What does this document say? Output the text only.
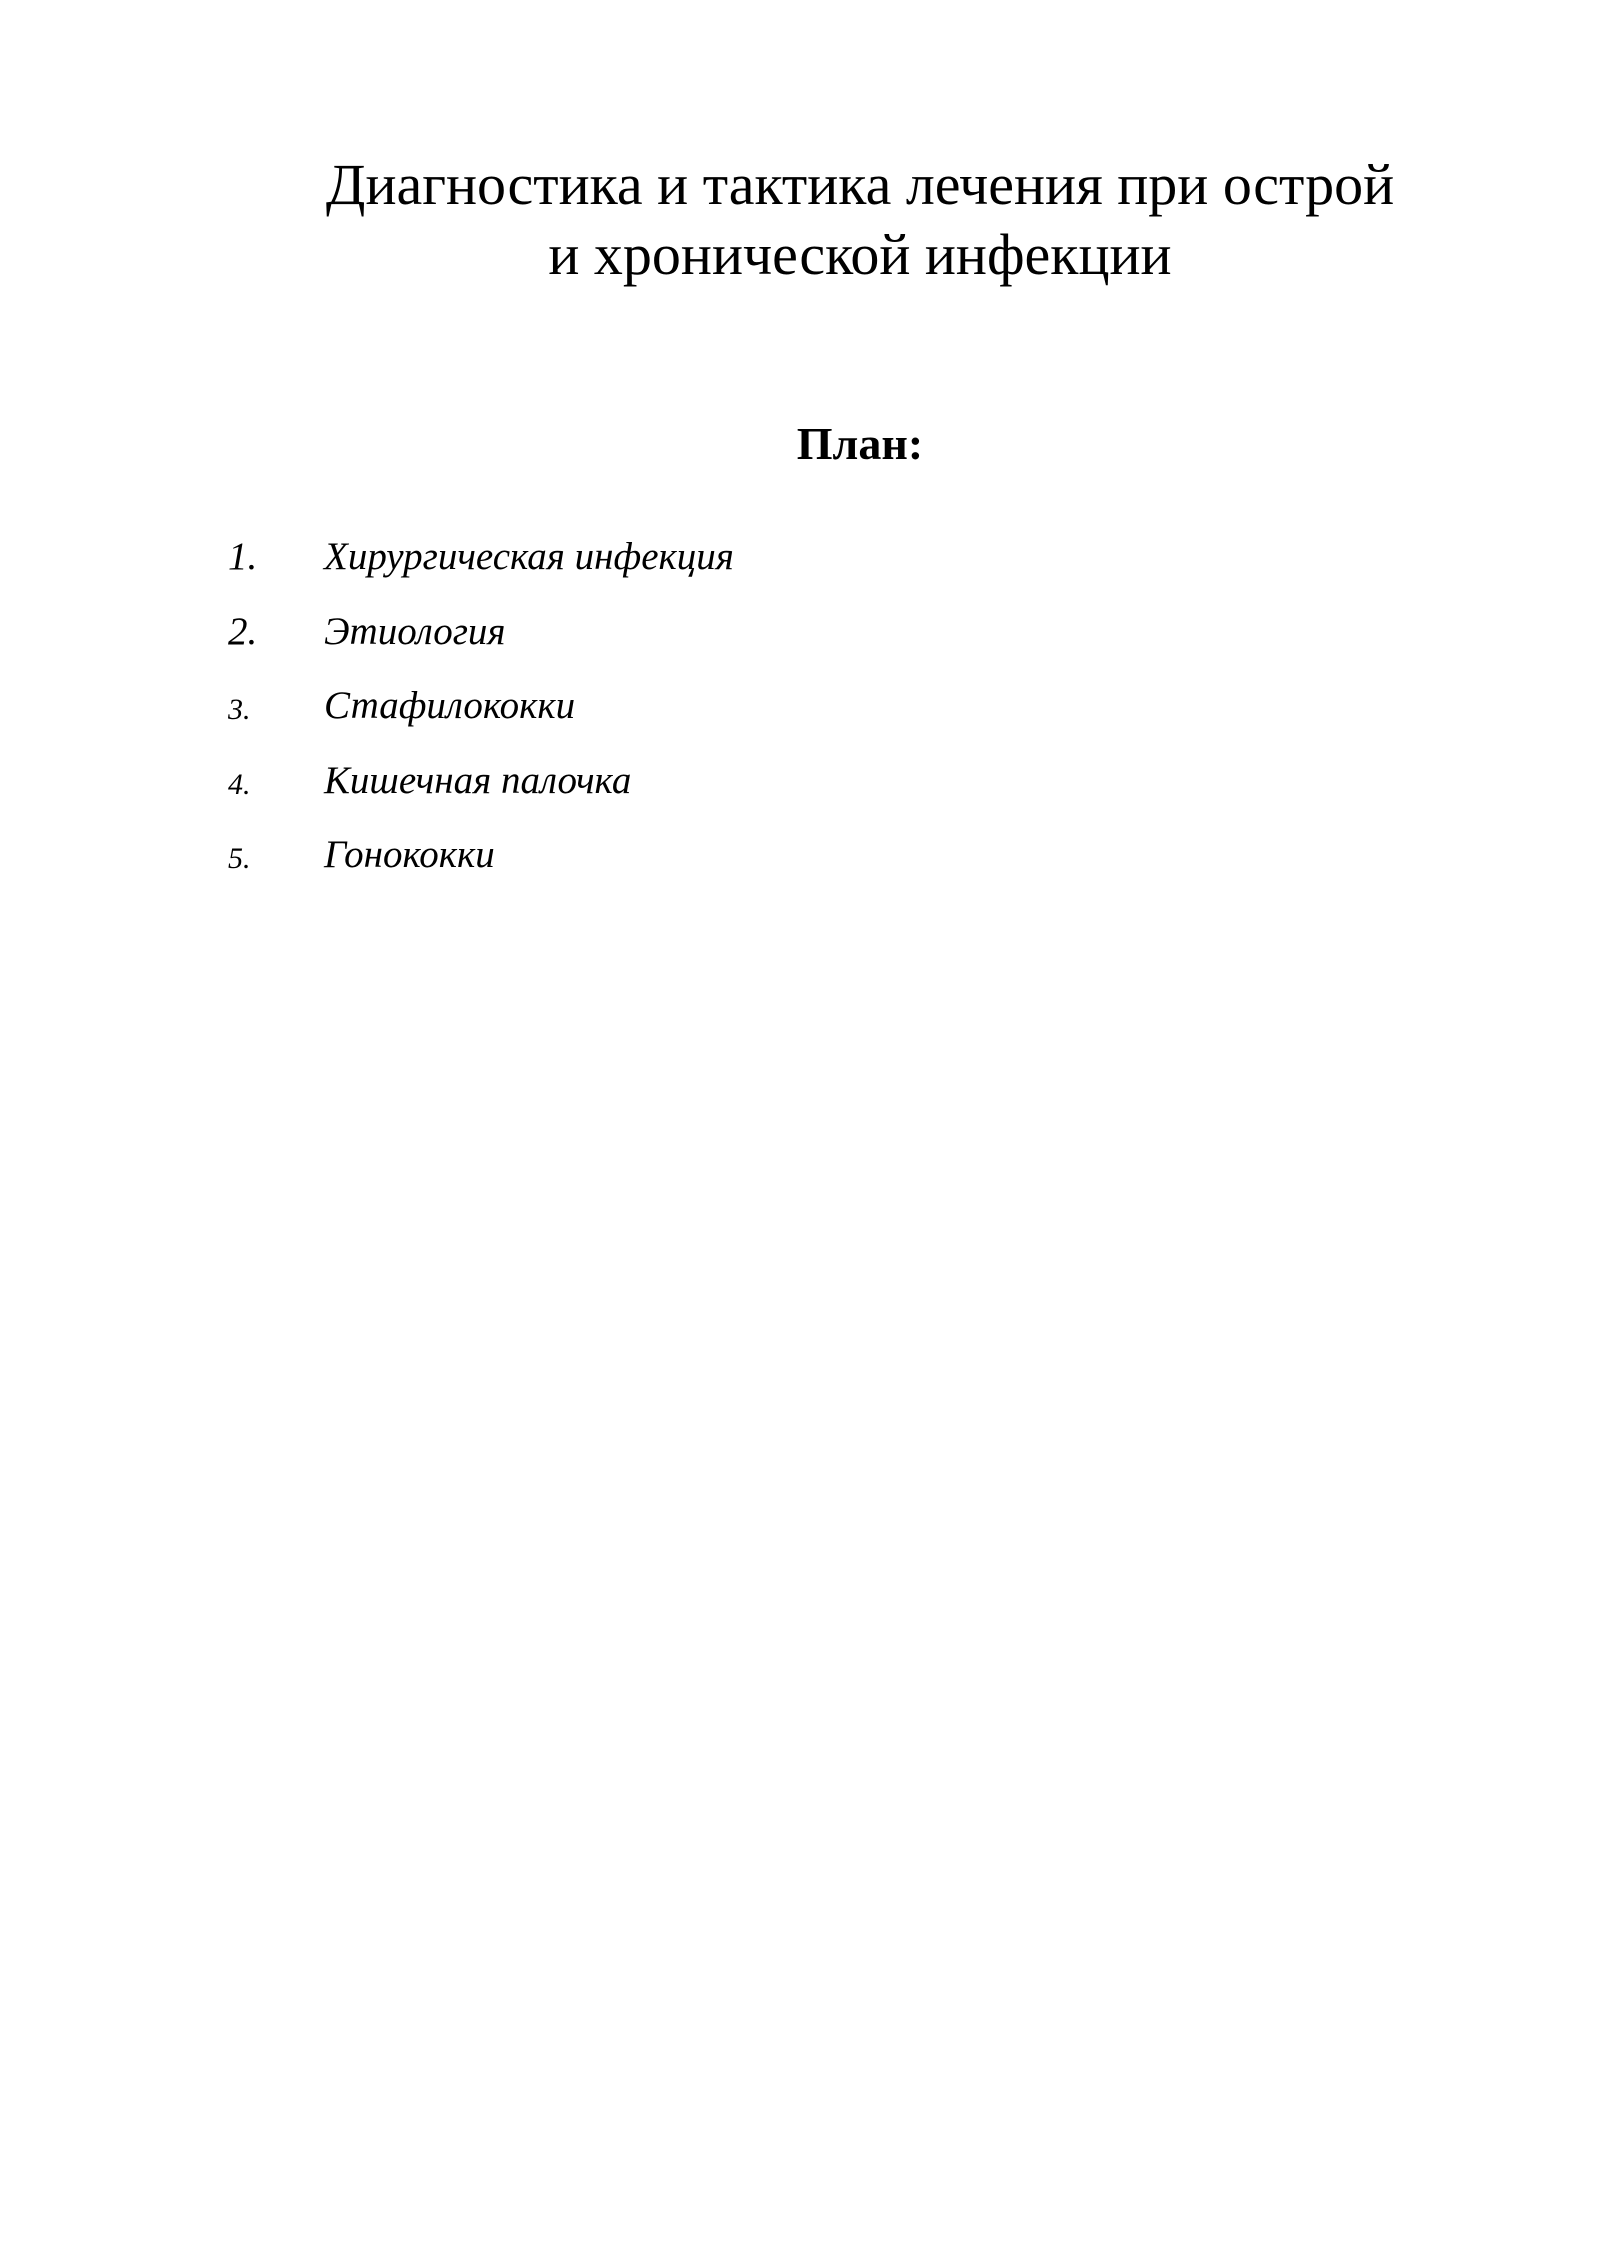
Диагностика и тактика лечения при острой
и хронической инфекции
План:
1.	Хирургическая инфекция
2.	Этиология
3.	Стафилококки
4.	Кишечная палочка
5.	Гонококки
